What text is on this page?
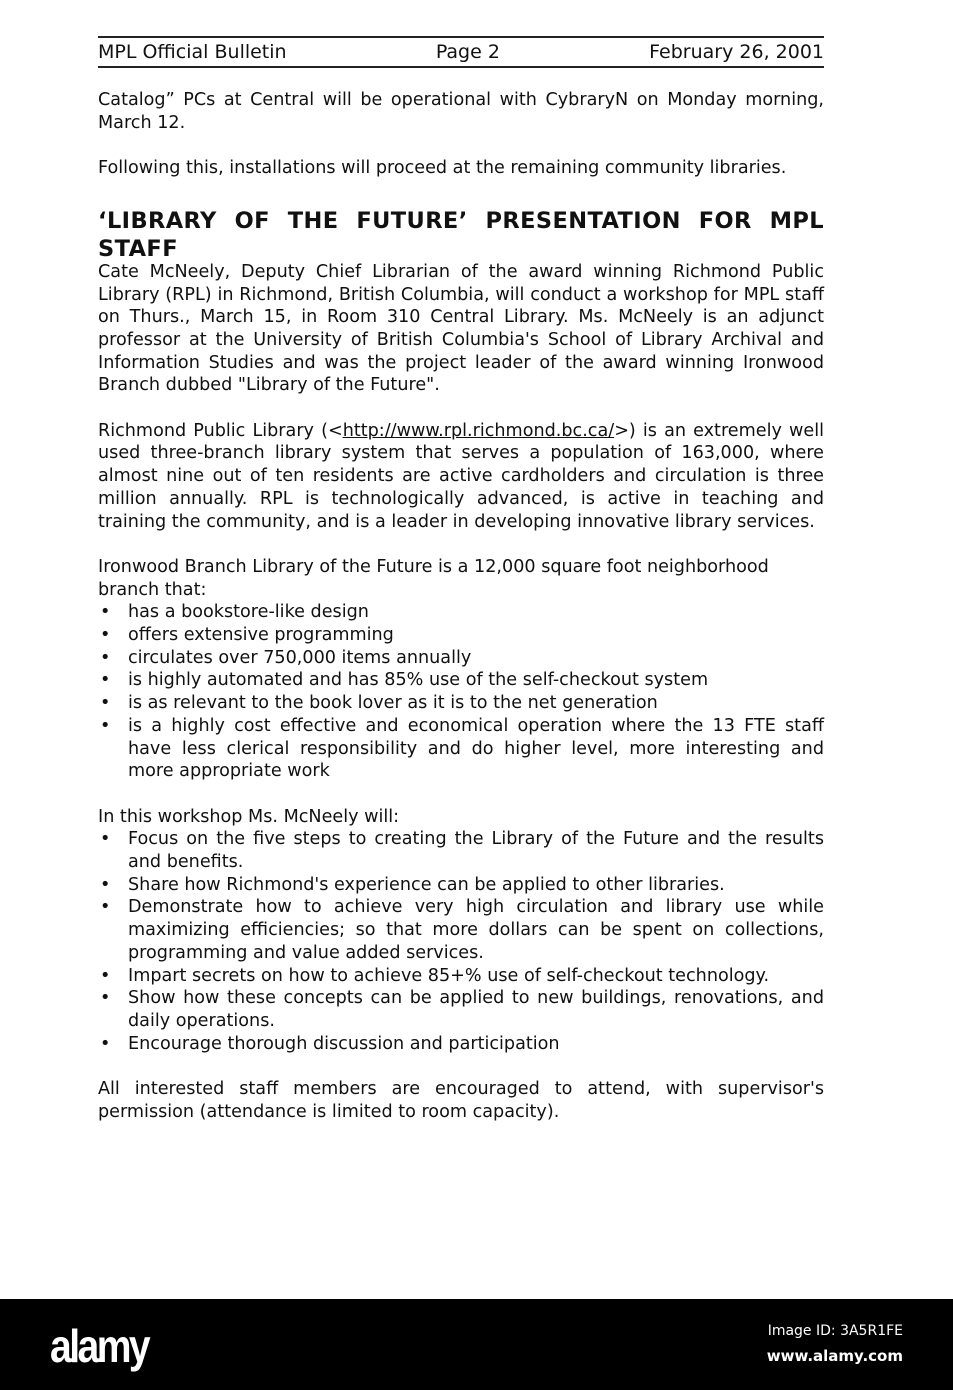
MPL Official Bulletin	Page 2	February 26, 2001

Catalog” PCs at Central will be operational with CybraryN on Monday morning, March 12.

Following this, installations will proceed at the remaining community libraries.

‘LIBRARY OF THE FUTURE’ PRESENTATION FOR MPL STAFF

Cate McNeely, Deputy Chief Librarian of the award winning Richmond Public Library (RPL) in Richmond, British Columbia, will conduct a workshop for MPL staff on Thurs., March 15, in Room 310 Central Library. Ms. McNeely is an adjunct professor at the University of British Columbia's School of Library Archival and Information Studies and was the project leader of the award winning Ironwood Branch dubbed "Library of the Future".

Richmond Public Library (<http://www.rpl.richmond.bc.ca/>) is an extremely well used three-branch library system that serves a population of 163,000, where almost nine out of ten residents are active cardholders and circulation is three million annually. RPL is technologically advanced, is active in teaching and training the community, and is a leader in developing innovative library services.

Ironwood Branch Library of the Future is a 12,000 square foot neighborhood branch that:

• has a bookstore-like design
• offers extensive programming
• circulates over 750,000 items annually
• is highly automated and has 85% use of the self-checkout system
• is as relevant to the book lover as it is to the net generation
• is a highly cost effective and economical operation where the 13 FTE staff have less clerical responsibility and do higher level, more interesting and more appropriate work

In this workshop Ms. McNeely will:

• Focus on the five steps to creating the Library of the Future and the results and benefits.
• Share how Richmond's experience can be applied to other libraries.
• Demonstrate how to achieve very high circulation and library use while maximizing efficiencies; so that more dollars can be spent on collections, programming and value added services.
• Impart secrets on how to achieve 85+% use of self-checkout technology.
• Show how these concepts can be applied to new buildings, renovations, and daily operations.
• Encourage thorough discussion and participation

All interested staff members are encouraged to attend, with supervisor's permission (attendance is limited to room capacity).

alamy	Image ID: 3A5R1FE
www.alamy.com
